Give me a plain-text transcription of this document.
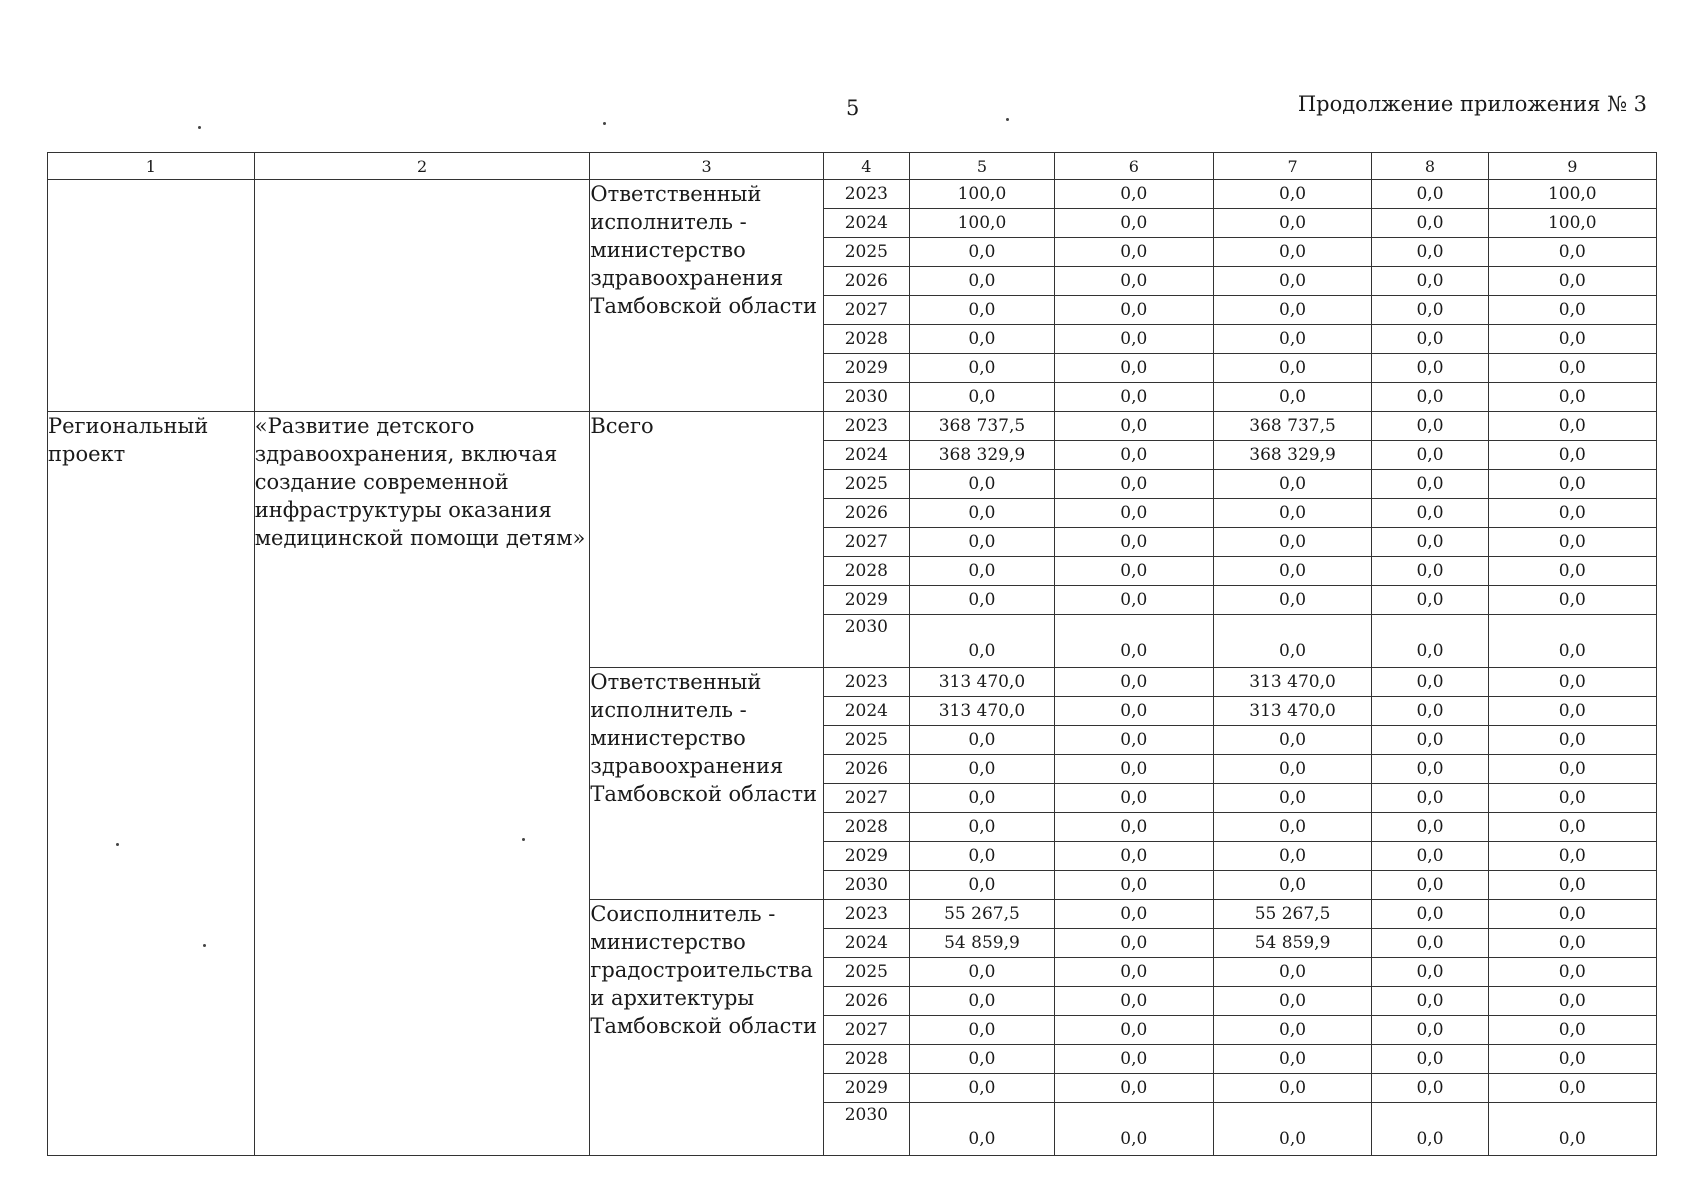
5	Продолжение приложения № 3
1	2	3	4	5	6	7	8	9
		Ответственный исполнитель - министерство здравоохранения Тамбовской области	2023	100,0	0,0	0,0	0,0	100,0
			2024	100,0	0,0	0,0	0,0	100,0
			2025	0,0	0,0	0,0	0,0	0,0
			2026	0,0	0,0	0,0	0,0	0,0
			2027	0,0	0,0	0,0	0,0	0,0
			2028	0,0	0,0	0,0	0,0	0,0
			2029	0,0	0,0	0,0	0,0	0,0
			2030	0,0	0,0	0,0	0,0	0,0
Региональный проект	«Развитие детского здравоохранения, включая создание современной инфраструктуры оказания медицинской помощи детям»	Всего	2023	368 737,5	0,0	368 737,5	0,0	0,0
			2024	368 329,9	0,0	368 329,9	0,0	0,0
			2025	0,0	0,0	0,0	0,0	0,0
			2026	0,0	0,0	0,0	0,0	0,0
			2027	0,0	0,0	0,0	0,0	0,0
			2028	0,0	0,0	0,0	0,0	0,0
			2029	0,0	0,0	0,0	0,0	0,0
			2030	0,0	0,0	0,0	0,0	0,0
		Ответственный исполнитель - министерство здравоохранения Тамбовской области	2023	313 470,0	0,0	313 470,0	0,0	0,0
			2024	313 470,0	0,0	313 470,0	0,0	0,0
			2025	0,0	0,0	0,0	0,0	0,0
			2026	0,0	0,0	0,0	0,0	0,0
			2027	0,0	0,0	0,0	0,0	0,0
			2028	0,0	0,0	0,0	0,0	0,0
			2029	0,0	0,0	0,0	0,0	0,0
			2030	0,0	0,0	0,0	0,0	0,0
		Соисполнитель - министерство градостроительства и архитектуры Тамбовской области	2023	55 267,5	0,0	55 267,5	0,0	0,0
			2024	54 859,9	0,0	54 859,9	0,0	0,0
			2025	0,0	0,0	0,0	0,0	0,0
			2026	0,0	0,0	0,0	0,0	0,0
			2027	0,0	0,0	0,0	0,0	0,0
			2028	0,0	0,0	0,0	0,0	0,0
			2029	0,0	0,0	0,0	0,0	0,0
			2030	0,0	0,0	0,0	0,0	0,0
